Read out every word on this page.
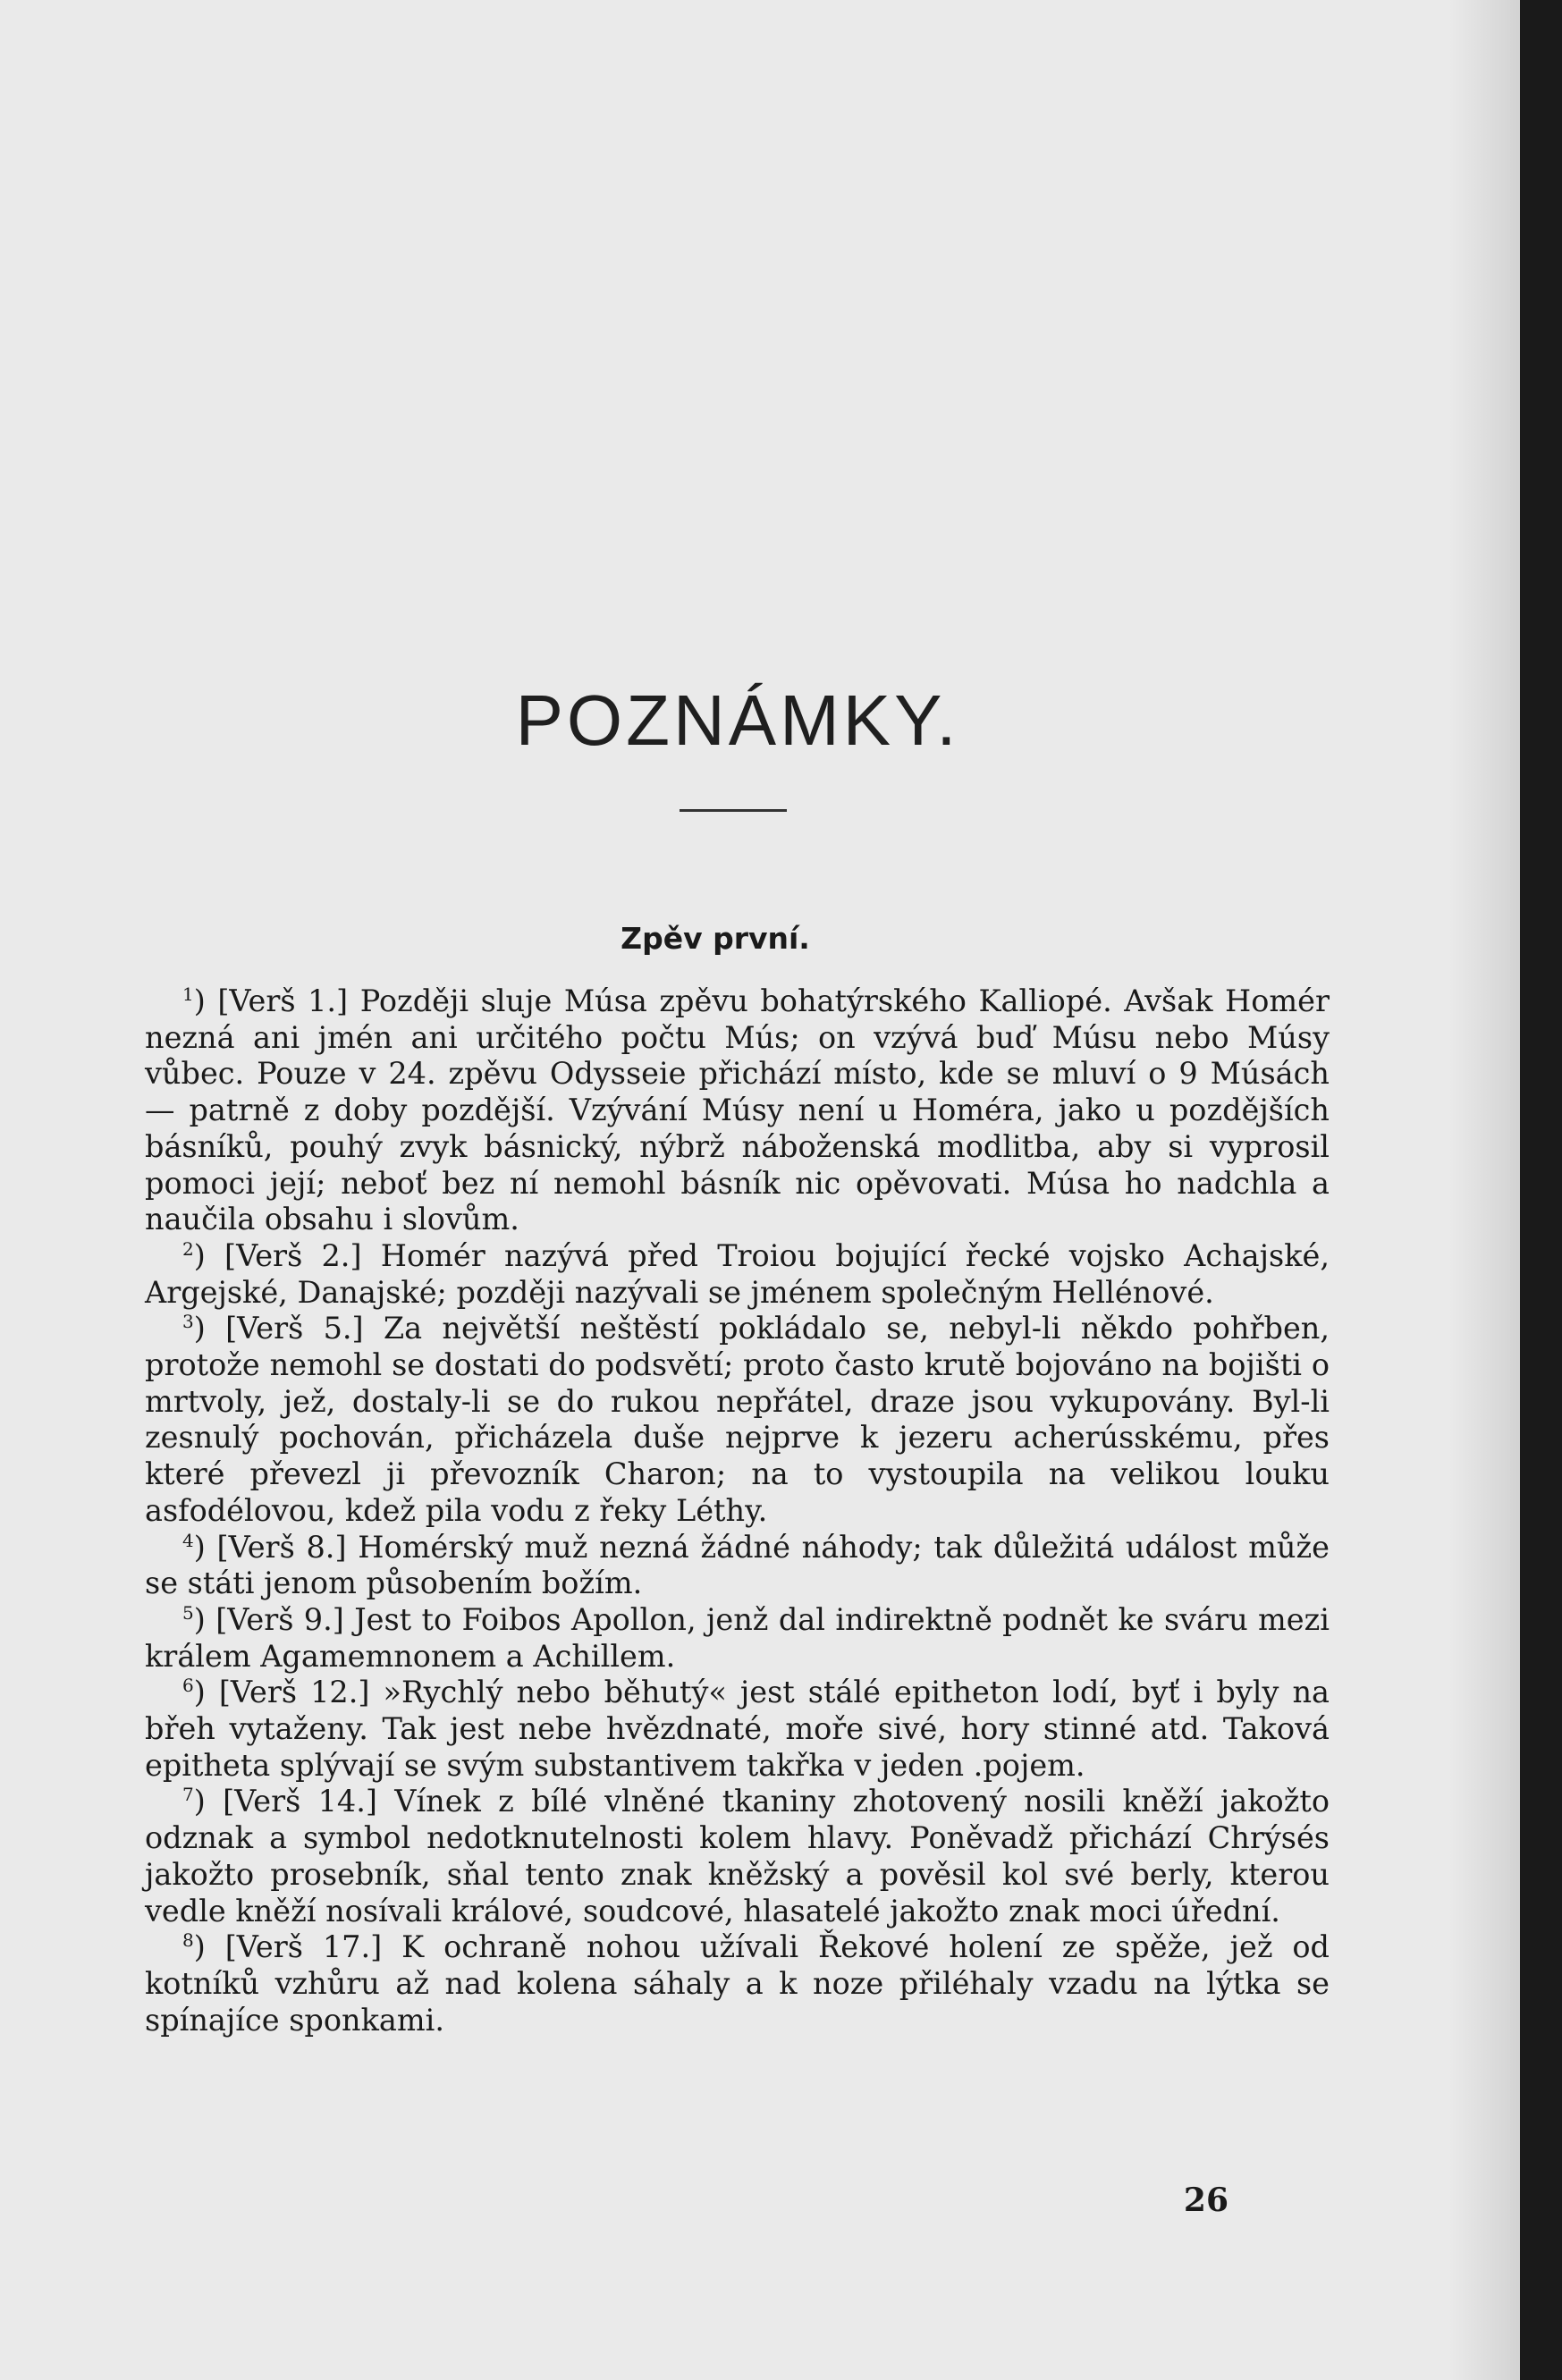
POZNÁMKY.
Zpěv první.

$^1$) [Verš 1.] Později sluje Músa zpěvu bohatýrského Kalliopé. Avšak Homér nezná ani jmén ani určitého počtu Mús; on vzývá buď Músu nebo Músy vůbec. Pouze v 24. zpěvu Odysseie přichází místo, kde se mluví o 9 Músách — patrně z doby pozdější. Vzývání Músy není u Homéra, jako u pozdějších básníků, pouhý zvyk básnický, nýbrž náboženská modlitba, aby si vyprosil pomoci její; neboť bez ní nemohl básník nic opěvovati. Músa ho nadchla a naučila obsahu i slovům.

$^2$) [Verš 2.] Homér nazývá před Troiou bojující řecké vojsko Achajské, Argejské, Danajské; později nazývali se jménem společným Hellénové.

$^3$) [Verš 5.] Za největší neštěstí pokládalo se, nebyl-li někdo pohřben, protože nemohl se dostati do podsvětí; proto často krutě bojováno na bojišti o mrtvoly, jež, dostaly-li se do rukou nepřátel, draze jsou vykupovány. Byl-li zesnulý pochován, přicházela duše nejprve k jezeru acherússkému, přes které převezl ji převozník Charon; na to vystoupila na velikou louku asfodélovou, kdež pila vodu z řeky Léthy.

$^4$) [Verš 8.] Homérský muž nezná žádné náhody; tak důležitá událost může se státi jenom působením božím.

$^5$) [Verš 9.] Jest to Foibos Apollon, jenž dal indirektně podnět ke sváru mezi králem Agamemnonem a Achillem.

$^6$) [Verš 12.] »Rychlý nebo běhutý« jest stálé epitheton lodí, byť i byly na břeh vytaženy. Tak jest nebe hvězdnaté, moře sivé, hory stinné atd. Taková epitheta splývají se svým substantivem takřka v jeden .pojem.

$^7$) [Verš 14.] Vínek z bílé vlněné tkaniny zhotovený nosili kněží jakožto odznak a symbol nedotknutelnosti kolem hlavy. Poněvadž přichází Chrýsés jakožto prosebník, sňal tento znak kněžský a pověsil kol své berly, kterou vedle kněží nosívali králové, soudcové, hlasatelé jakožto znak moci úřední.

$^8$) [Verš 17.] K ochraně nohou užívali Řekové holení ze spěže, jež od kotníků vzhůru až nad kolena sáhaly a k noze přiléhaly vzadu na lýtka se spínajíce sponkami.

26
